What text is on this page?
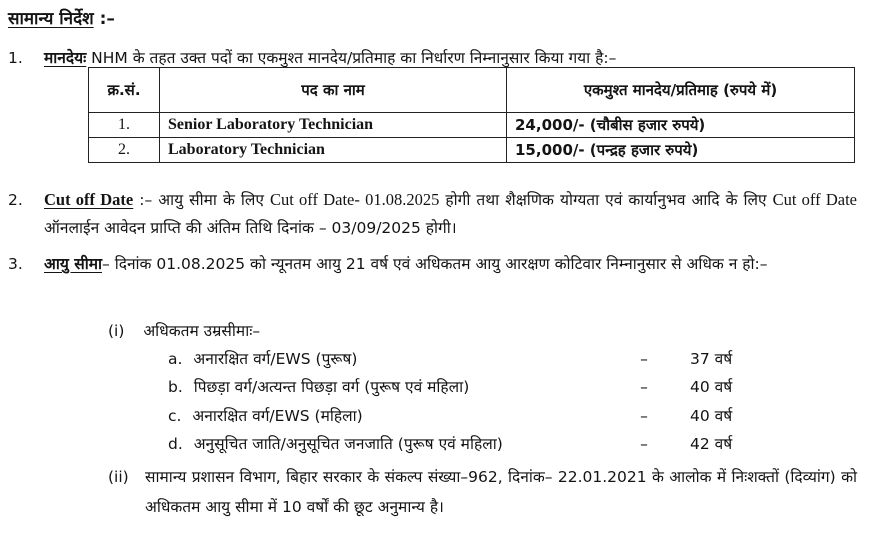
सामान्य निर्देश :–
1.	मानदेयः NHM के तहत उक्त पदों का एकमुश्त मानदेय/प्रतिमाह का निर्धारण निम्नानुसार किया गया है:–
क्र.सं.	पद का नाम	एकमुश्त मानदेय/प्रतिमाह (रुपये में)
1.	Senior Laboratory Technician	24,000/- (चौबीस हजार रुपये)
2.	Laboratory Technician	15,000/- (पन्द्रह हजार रुपये)
2.	Cut off Date :– आयु सीमा के लिए Cut off Date- 01.08.2025 होगी तथा शैक्षणिक योग्यता एवं कार्यानुभव आदि के लिए Cut off Date ऑनलाईन आवेदन प्राप्ति की अंतिम तिथि दिनांक – 03/09/2025 होगी।
3.	आयु सीमा– दिनांक 01.08.2025 को न्यूनतम आयु 21 वर्ष एवं अधिकतम आयु आरक्षण कोटिवार निम्नानुसार से अधिक न हो:–
(i) अधिकतम उम्रसीमाः–
a. अनारक्षित वर्ग/EWS (पुरूष)	–	37 वर्ष
b. पिछड़ा वर्ग/अत्यन्त पिछड़ा वर्ग (पुरूष एवं महिला)	–	40 वर्ष
c. अनारक्षित वर्ग/EWS (महिला)	–	40 वर्ष
d. अनुसूचित जाति/अनुसूचित जनजाति (पुरूष एवं महिला)	–	42 वर्ष
(ii) सामान्य प्रशासन विभाग, बिहार सरकार के संकल्प संख्या–962, दिनांक– 22.01.2021 के आलोक में निःशक्तों (दिव्यांग) को अधिकतम आयु सीमा में 10 वर्षों की छूट अनुमान्य है।
